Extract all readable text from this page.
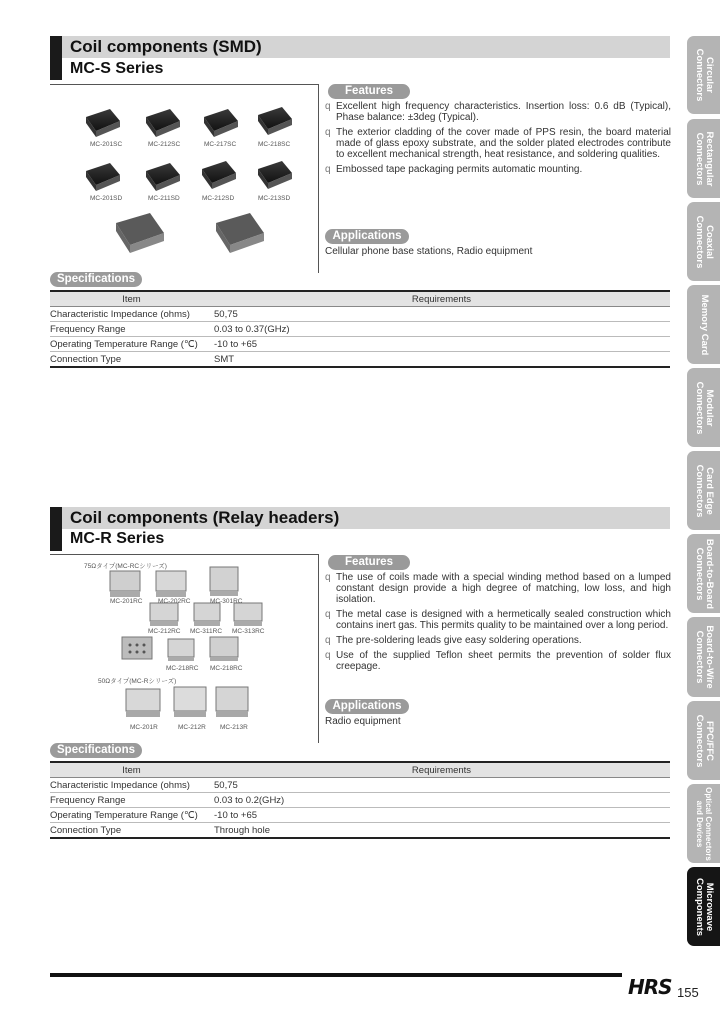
Coil components (SMD)
MC-S Series
MC-201SC	MC-212SC	MC-217SC	MC-218SC
MC-201SD	MC-211SD	MC-212SD	MC-213SD
Features
q Excellent high frequency characteristics. Insertion loss: 0.6 dB (Typical), Phase balance: ±3deg (Typical).
q The exterior cladding of the cover made of PPS resin, the board material made of glass epoxy substrate, and the solder plated electrodes contribute to excellent mechanical strength, heat resistance, and soldering qualities.
q Embossed tape packaging permits automatic mounting.
Applications
Cellular phone base stations, Radio equipment
Specifications
Item	Requirements
Characteristic Impedance (ohms)	50,75
Frequency Range	0.03 to 0.37(GHz)
Operating Temperature Range (℃)	-10 to +65
Connection Type	SMT
Coil components (Relay headers)
MC-R Series
75Ωタイプ(MC-RCシリーズ)
MC-201RC MC-202RC	MC-301RC
MC-212RC MC-311RC MC-313RC
MC-218RC MC-218RC
50Ωタイプ(MC-Rシリーズ)
MC-201R	MC-212R MC-213R
Features
q The use of coils made with a special winding method based on a lumped constant design provide a high degree of matching, low loss, and high isolation.
q The metal case is designed with a hermetically sealed construction which contains inert gas. This permits quality to be maintained over a long period.
q The pre-soldering leads give easy soldering operations.
q Use of the supplied Teflon sheet permits the prevention of solder flux creepage.
Applications
Radio equipment
Specifications
Item	Requirements
Characteristic Impedance (ohms)	50,75
Frequency Range	0.03 to 0.2(GHz)
Operating Temperature Range (℃)	-10 to +65
Connection Type	Through hole
Circular Connectors
Rectangular Connectors
Coaxial Connectors
Memory Card
Modular Connectors
Card Edge Connectors
Board-to-Board Connectors
Board-to-Wire Connectors
FPC/FFC Connectors
Optical Connectors and Devices
Microwave Components
HRS 155
